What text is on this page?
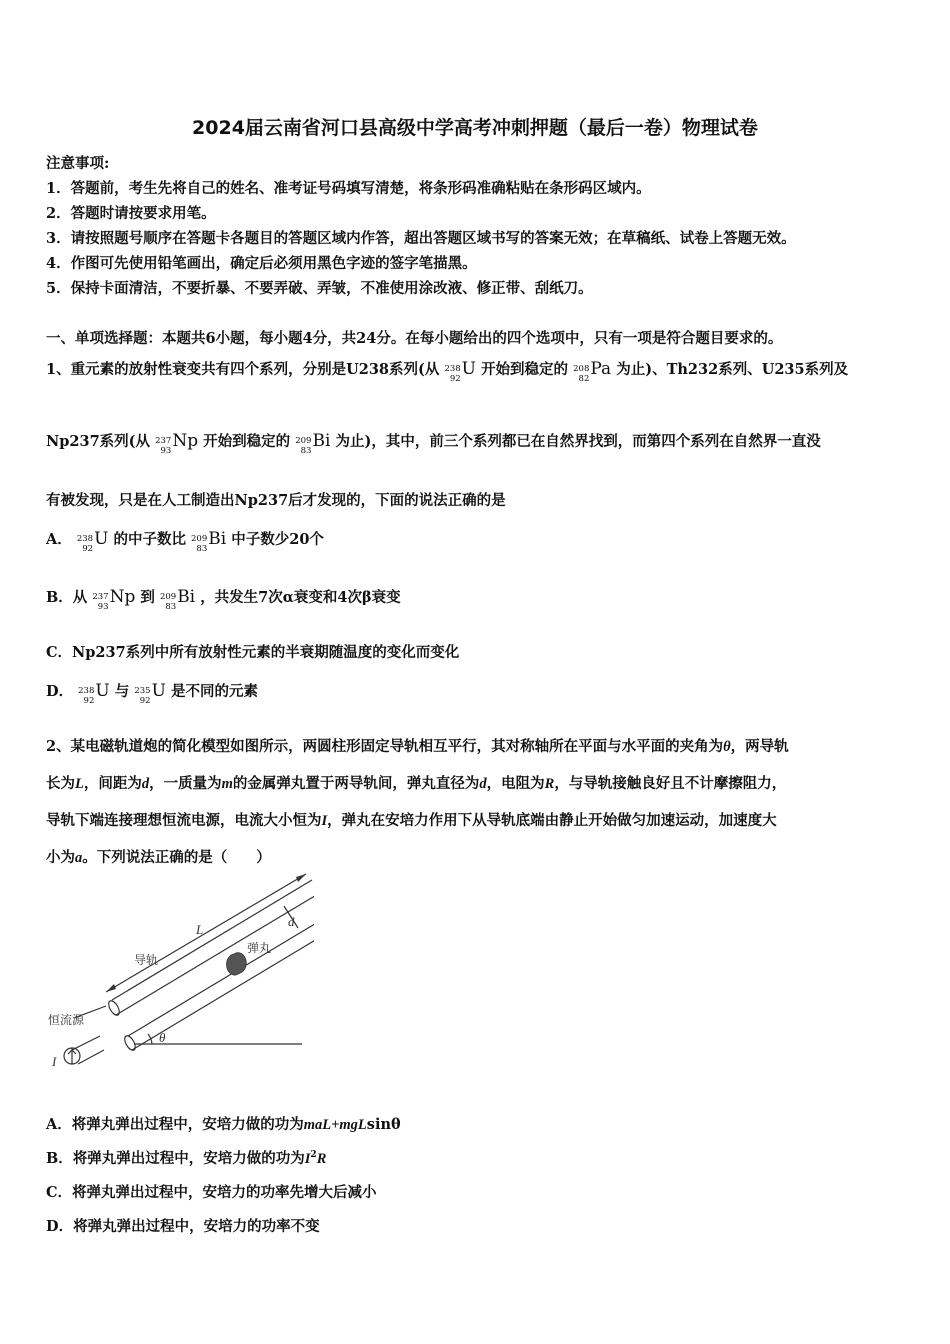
2024届云南省河口县高级中学高考冲刺押题（最后一卷）物理试卷
注意事项:
1．答题前，考生先将自己的姓名、准考证号码填写清楚，将条形码准确粘贴在条形码区域内。
2．答题时请按要求用笔。
3．请按照题号顺序在答题卡各题目的答题区域内作答，超出答题区域书写的答案无效；在草稿纸、试卷上答题无效。
4．作图可先使用铅笔画出，确定后必须用黑色字迹的签字笔描黑。
5．保持卡面清洁，不要折暴、不要弄破、弄皱，不准使用涂改液、修正带、刮纸刀。
一、单项选择题：本题共6小题，每小题4分，共24分。在每小题给出的四个选项中，只有一项是符合题目要求的。
1、重元素的放射性衰变共有四个系列，分别是U238系列(从 238
92 U 开始到稳定的 208
82 Pa 为止)、Th232系列、U235系列及
Np237系列(从 237
93 Np 开始到稳定的 209
83 Bi 为止)，其中，前三个系列都已在自然界找到，而第四个系列在自然界一直没
有被发现，只是在人工制造出Np237后才发现的，下面的说法正确的是
A． 238
92 U 的中子数比 209
83 Bi 中子数少20个
B．从 237
93 Np 到 209
83 Bi ，共发生7次α衰变和4次β衰变
C．Np237系列中所有放射性元素的半衰期随温度的变化而变化
D． 238
92 U 与 235
92 U 是不同的元素
2、某电磁轨道炮的简化模型如图所示，两圆柱形固定导轨相互平行，其对称轴所在平面与水平面的夹角为θ，两导轨
长为L，间距为d，一质量为m的金属弹丸置于两导轨间，弹丸直径为d，电阻为R，与导轨接触良好且不计摩擦阻力，
导轨下端连接理想恒流电源，电流大小恒为I，弹丸在安培力作用下从导轨底端由静止开始做匀加速运动，加速度大
小为a。下列说法正确的是（　　）
L
d
导轨
弹丸
恒流源
θ
I
A．将弹丸弹出过程中，安培力做的功为maL+mgLsinθ
B．将弹丸弹出过程中，安培力做的功为$I^2R$
C．将弹丸弹出过程中，安培力的功率先增大后减小
D．将弹丸弹出过程中，安培力的功率不变
